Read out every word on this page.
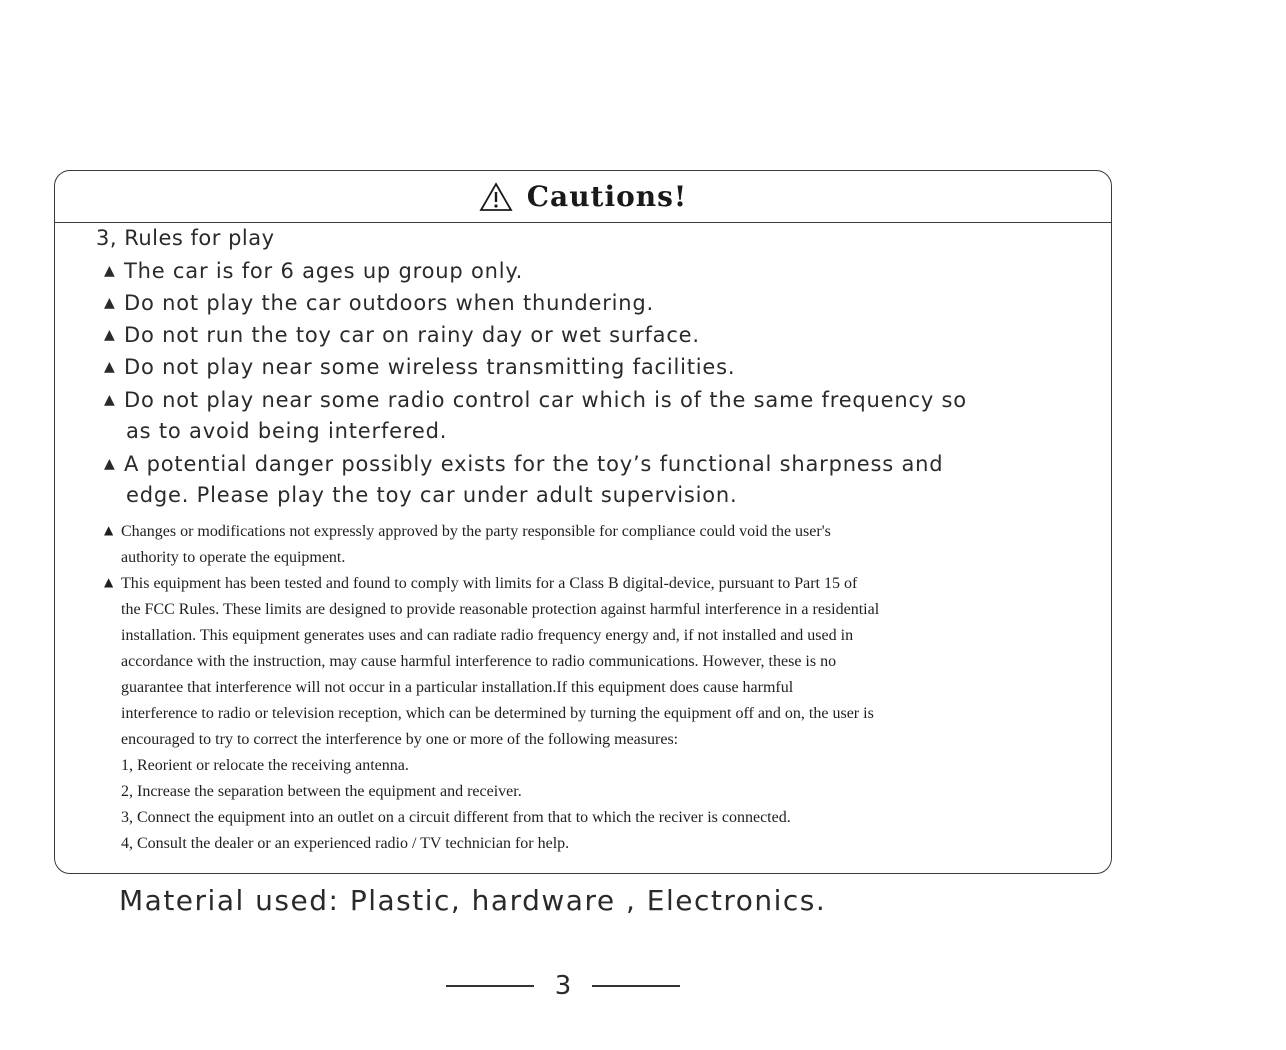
Cautions!
3, Rules for play
▲ The car is for 6 ages up group only.
▲ Do not play the car outdoors when thundering.
▲ Do not run the toy car on rainy day or wet surface.
▲ Do not play near some wireless transmitting facilities.
▲ Do not play near some radio control car which is of the same frequency so
as to avoid being interfered.
▲ A potential danger possibly exists for the toy’s functional sharpness and
edge. Please play the toy car under adult supervision.
▲ Changes or modifications not expressly approved by the party responsible for compliance could void the user's
authority to operate the equipment.
▲ This equipment has been tested and found to comply with limits for a Class B digital-device, pursuant to Part 15 of
the FCC Rules. These limits are designed to provide reasonable protection against harmful interference in a residential
installation. This equipment generates uses and can radiate radio frequency energy and, if not installed and used in
accordance with the instruction, may cause harmful interference to radio communications. However, these is no
guarantee that interference will not occur in a particular installation.If this equipment does cause harmful
interference to radio or television reception, which can be determined by turning the equipment off and on, the user is
encouraged to try to correct the interference by one or more of the following measures:
1, Reorient or relocate the receiving antenna.
2, Increase the separation between the equipment and receiver.
3, Connect the equipment into an outlet on a circuit different from that to which the reciver is connected.
4, Consult the dealer or an experienced radio / TV technician for help.
Material used: Plastic, hardware , Electronics.
3
